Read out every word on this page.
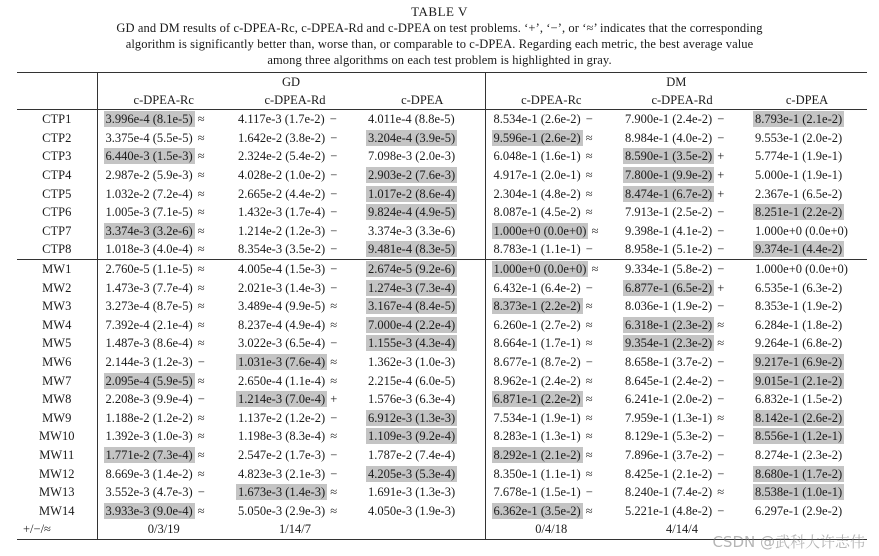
TABLE V
GD and DM results of c-DPEA-Rc, c-DPEA-Rd and c-DPEA on test problems. ‘+’, ‘−’, or ‘≈’ indicates that the corresponding
algorithm is significantly better than, worse than, or comparable to c-DPEA. Regarding each metric, the best average value
among three algorithms on each test problem is highlighted in gray.
	GD			DM		
	c-DPEA-Rc	c-DPEA-Rd	c-DPEA	c-DPEA-Rc	c-DPEA-Rd	c-DPEA
CTP1	3.996e-4 (8.1e-5) ≈	4.117e-3 (1.7e-2) −	4.011e-4 (8.8e-5)	8.534e-1 (2.6e-2) −	7.900e-1 (2.4e-2) −	8.793e-1 (2.1e-2)
CTP2	3.375e-4 (5.5e-5) ≈	1.642e-2 (3.8e-2) −	3.204e-4 (3.9e-5)	9.596e-1 (2.6e-2) ≈	8.984e-1 (4.0e-2) −	9.553e-1 (2.0e-2)
CTP3	6.440e-3 (1.5e-3) ≈	2.324e-2 (5.4e-2) −	7.098e-3 (2.0e-3)	6.048e-1 (1.6e-1) ≈	8.590e-1 (3.5e-2) +	5.774e-1 (1.9e-1)
CTP4	2.987e-2 (5.9e-3) ≈	4.028e-2 (1.0e-2) −	2.903e-2 (7.6e-3)	4.917e-1 (2.0e-1) ≈	7.800e-1 (9.9e-2) +	5.000e-1 (1.9e-1)
CTP5	1.032e-2 (7.2e-4) ≈	2.665e-2 (4.4e-2) −	1.017e-2 (8.6e-4)	2.304e-1 (4.8e-2) ≈	8.474e-1 (6.7e-2) +	2.367e-1 (6.5e-2)
CTP6	1.005e-3 (7.1e-5) ≈	1.432e-3 (1.7e-4) −	9.824e-4 (4.9e-5)	8.087e-1 (4.5e-2) ≈	7.913e-1 (2.5e-2) −	8.251e-1 (2.2e-2)
CTP7	3.374e-3 (3.2e-6) ≈	1.214e-2 (1.2e-3) −	3.374e-3 (3.3e-6)	1.000e+0 (0.0e+0) ≈	9.398e-1 (4.1e-2) −	1.000e+0 (0.0e+0)
CTP8	1.018e-3 (4.0e-4) ≈	8.354e-3 (3.5e-2) −	9.481e-4 (8.3e-5)	8.783e-1 (1.1e-1) −	8.958e-1 (5.1e-2) −	9.374e-1 (4.4e-2)
MW1	2.760e-5 (1.1e-5) ≈	4.005e-4 (1.5e-3) −	2.674e-5 (9.2e-6)	1.000e+0 (0.0e+0) ≈	9.334e-1 (5.8e-2) −	1.000e+0 (0.0e+0)
MW2	1.473e-3 (7.7e-4) ≈	2.021e-3 (1.4e-3) −	1.274e-3 (7.3e-4)	6.432e-1 (6.4e-2) −	6.877e-1 (6.5e-2) +	6.535e-1 (6.3e-2)
MW3	3.273e-4 (8.7e-5) ≈	3.489e-4 (9.9e-5) ≈	3.167e-4 (8.4e-5)	8.373e-1 (2.2e-2) ≈	8.036e-1 (1.9e-2) −	8.353e-1 (1.9e-2)
MW4	7.392e-4 (2.1e-4) ≈	8.237e-4 (4.9e-4) ≈	7.000e-4 (2.2e-4)	6.260e-1 (2.7e-2) ≈	6.318e-1 (2.3e-2) ≈	6.284e-1 (1.8e-2)
MW5	1.487e-3 (8.6e-4) ≈	3.022e-3 (6.5e-4) −	1.155e-3 (4.3e-4)	8.664e-1 (1.7e-1) ≈	9.354e-1 (2.3e-2) ≈	9.264e-1 (6.8e-2)
MW6	2.144e-3 (1.2e-3) −	1.031e-3 (7.6e-4) ≈	1.362e-3 (1.0e-3)	8.677e-1 (8.7e-2) −	8.658e-1 (3.7e-2) −	9.217e-1 (6.9e-2)
MW7	2.095e-4 (5.9e-5) ≈	2.650e-4 (1.1e-4) ≈	2.215e-4 (6.0e-5)	8.962e-1 (2.4e-2) ≈	8.645e-1 (2.4e-2) −	9.015e-1 (2.1e-2)
MW8	2.208e-3 (9.9e-4) −	1.214e-3 (7.0e-4) +	1.576e-3 (6.3e-4)	6.871e-1 (2.2e-2) ≈	6.241e-1 (2.0e-2) −	6.832e-1 (1.5e-2)
MW9	1.188e-2 (1.2e-2) ≈	1.137e-2 (1.2e-2) −	6.912e-3 (1.3e-3)	7.534e-1 (1.9e-1) ≈	7.959e-1 (1.3e-1) ≈	8.142e-1 (2.6e-2)
MW10	1.392e-3 (1.0e-3) ≈	1.198e-3 (8.3e-4) ≈	1.109e-3 (9.2e-4)	8.283e-1 (1.3e-1) ≈	8.129e-1 (5.3e-2) −	8.556e-1 (1.2e-1)
MW11	1.771e-2 (7.3e-4) ≈	2.547e-2 (1.7e-3) −	1.787e-2 (7.4e-4)	8.292e-1 (2.1e-2) ≈	7.896e-1 (3.7e-2) −	8.274e-1 (2.3e-2)
MW12	8.669e-3 (1.4e-2) ≈	4.823e-3 (2.1e-3) −	4.205e-3 (5.3e-4)	8.350e-1 (1.1e-1) ≈	8.425e-1 (2.1e-2) −	8.680e-1 (1.7e-2)
MW13	3.552e-3 (4.7e-3) −	1.673e-3 (1.4e-3) ≈	1.691e-3 (1.3e-3)	7.678e-1 (1.5e-1) −	8.240e-1 (7.4e-2) ≈	8.538e-1 (1.0e-1)
MW14	3.933e-3 (9.0e-4) ≈	5.050e-3 (2.9e-3) ≈	4.050e-3 (1.9e-3)	6.362e-1 (3.5e-2) ≈	5.221e-1 (4.8e-2) −	6.297e-1 (2.9e-2)
+/−/≈	0/3/19	1/14/7		0/4/18	4/14/4	
CSDN @武科大许志伟
